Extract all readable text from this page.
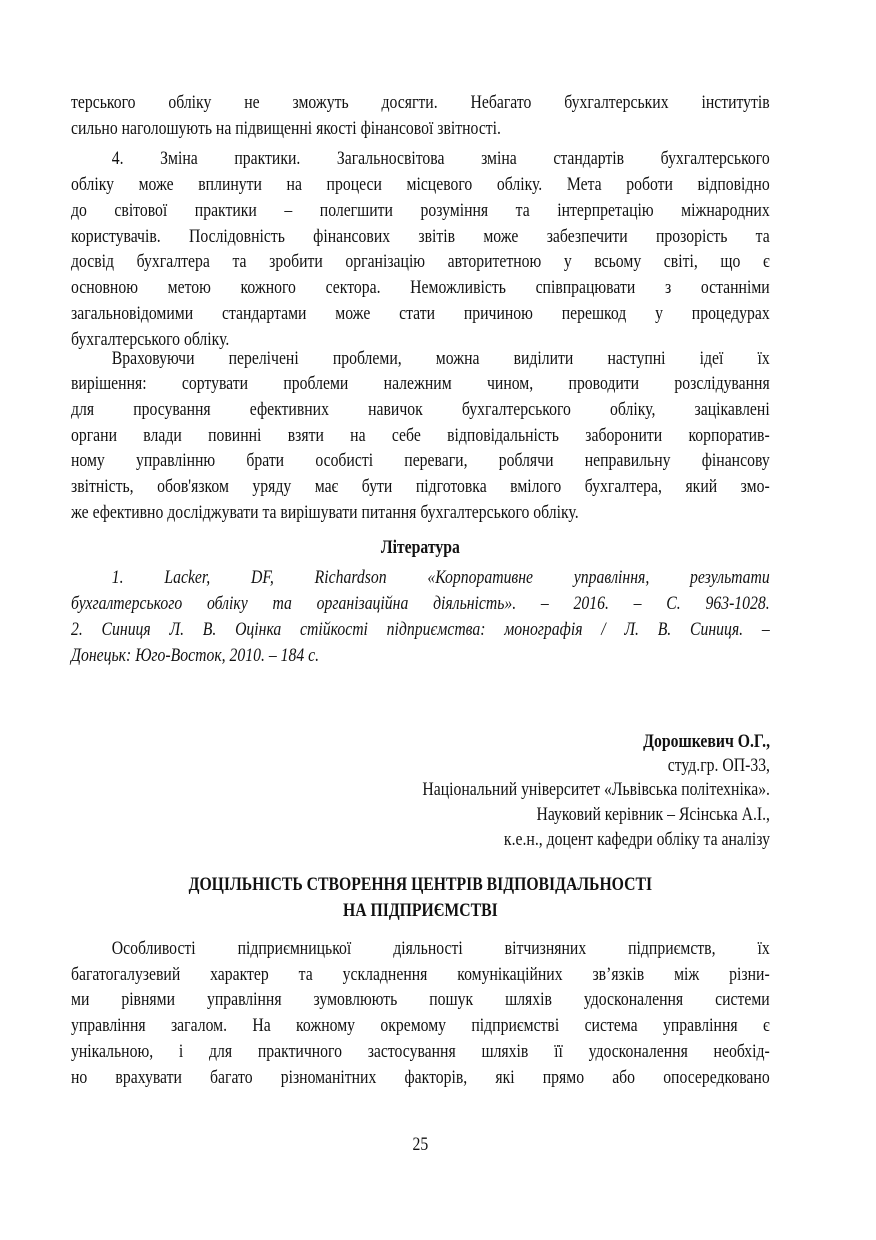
терського обліку не зможуть досягти. Небагато бухгалтерських інститутів
сильно наголошують на підвищенні якості фінансової звітності.
4. Зміна практики. Загальносвітова зміна стандартів бухгалтерського
обліку може вплинути на процеси місцевого обліку. Мета роботи відповідно
до світової практики – полегшити розуміння та інтерпретацію міжнародних
користувачів. Послідовність фінансових звітів може забезпечити прозорість та
досвід бухгалтера та зробити організацію авторитетною у всьому світі, що є
основною метою кожного сектора. Неможливість співпрацювати з останніми
загальновідомими стандартами може стати причиною перешкод у процедурах
бухгалтерського обліку.
Враховуючи перелічені проблеми, можна виділити наступні ідеї їх
вирішення: сортувати проблеми належним чином, проводити розслідування
для просування ефективних навичок бухгалтерського обліку, зацікавлені
органи влади повинні взяти на себе відповідальність заборонити корпоратив-
ному управлінню брати особисті переваги, роблячи неправильну фінансову
звітність, обов'язком уряду має бути підготовка вмілого бухгалтера, який змо-
же ефективно досліджувати та вирішувати питання бухгалтерського обліку.
Література
1. Lacker, DF, Richardson «Корпоративне управління, результати
бухгалтерського обліку та організаційна діяльність». – 2016. – С. 963-1028.
2. Синиця Л. В. Оцінка стійкості підприємства: монографія / Л. В. Синиця. –
Донецьк: Юго-Восток, 2010. – 184 с.
Дорошкевич О.Г.,
студ.гр. ОП-33,
Національний університет «Львівська політехніка».
Науковий керівник – Ясінська А.І.,
к.е.н., доцент кафедри обліку та аналізу
ДОЦІЛЬНІСТЬ СТВОРЕННЯ ЦЕНТРІВ ВІДПОВІДАЛЬНОСТІ
НА ПІДПРИЄМСТВІ
Особливості підприємницької діяльності вітчизняних підприємств, їх
багатогалузевий характер та ускладнення комунікаційних зв’язків між різни-
ми рівнями управління зумовлюють пошук шляхів удосконалення системи
управління загалом. На кожному окремому підприємстві система управління є
унікальною, і для практичного застосування шляхів її удосконалення необхід-
но врахувати багато різноманітних факторів, які прямо або опосередковано
25
